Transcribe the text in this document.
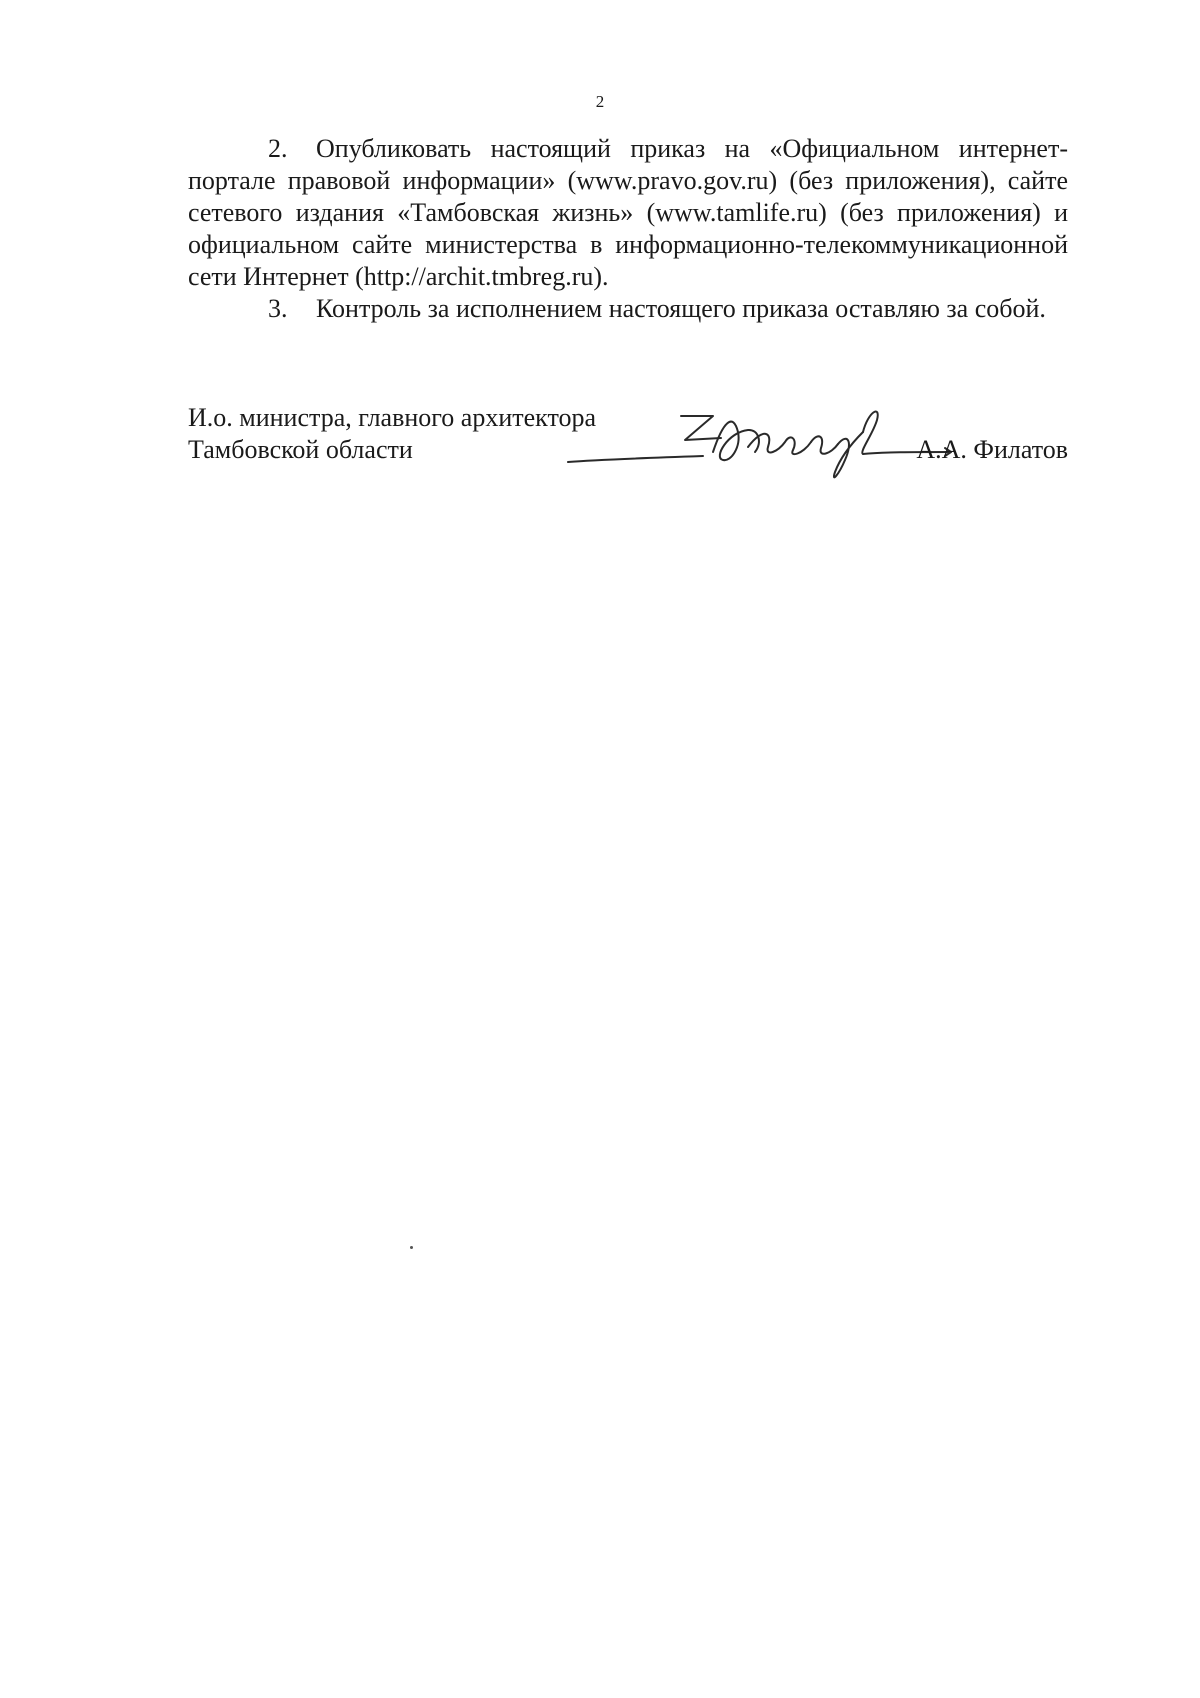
2

2. Опубликовать настоящий приказ на «Официальном интернет-портале правовой информации» (www.pravo.gov.ru) (без приложения), сайте сетевого издания «Тамбовская жизнь» (www.tamlife.ru) (без приложения) и официальном сайте министерства в информационно-телекоммуникационной сети Интернет (http://archit.tmbreg.ru).

3. Контроль за исполнением настоящего приказа оставляю за собой.

И.о. министра, главного архитектора
Тамбовской области	А.А. Филатов
